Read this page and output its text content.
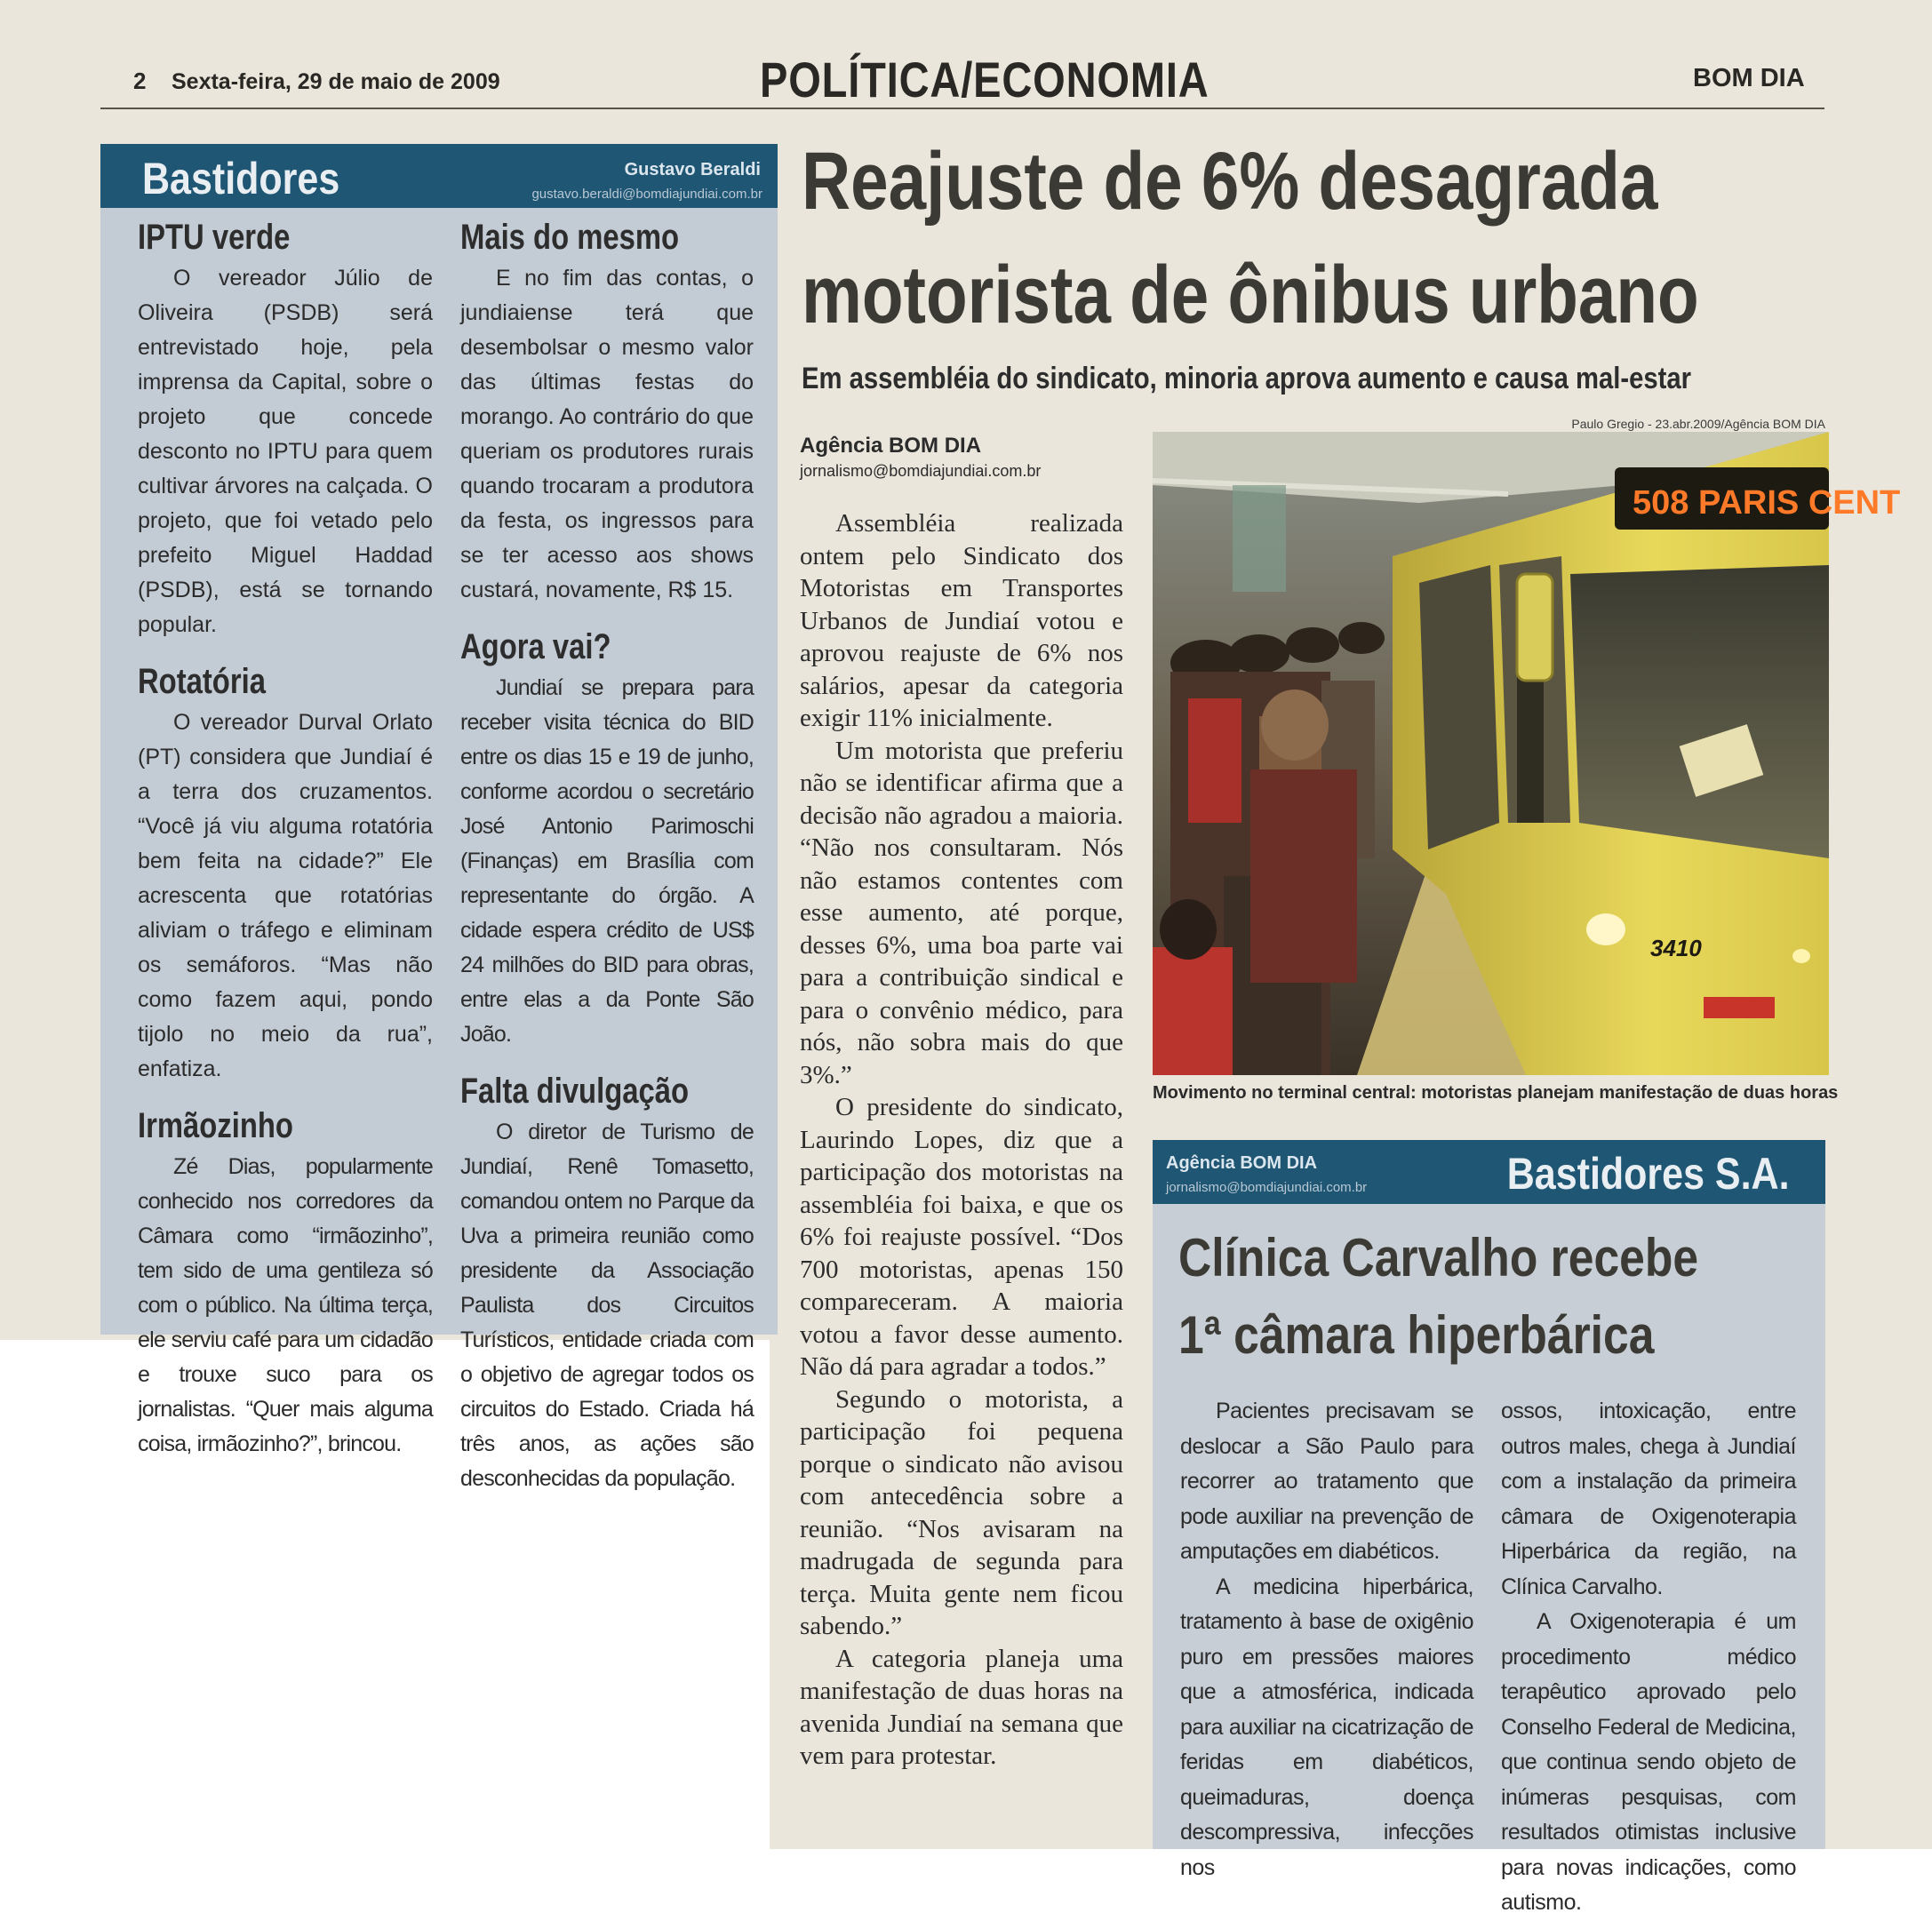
2 Sexta-feira, 29 de maio de 2009	POLÍTICA/ECONOMIA	BOM DIA
Bastidores	Gustavo Beraldi
gustavo.beraldi@bomdiajundiai.com.br
IPTU verde
O vereador Júlio de Oliveira (PSDB) será entrevistado hoje, pela imprensa da Capital, sobre o projeto que concede desconto no IPTU para quem cultivar árvores na calçada. O projeto, que foi vetado pelo prefeito Miguel Haddad (PSDB), está se tornando popular.
Rotatória
O vereador Durval Orlato (PT) considera que Jundiaí é a terra dos cruzamentos. “Você já viu alguma rotatória bem feita na cidade?” Ele acrescenta que rotatórias aliviam o tráfego e eliminam os semáforos. “Mas não como fazem aqui, pondo tijolo no meio da rua”, enfatiza.
Irmãozinho
Zé Dias, popularmente conhecido nos corredores da Câmara como “irmãozinho”, tem sido de uma gentileza só com o público. Na última terça, ele serviu café para um cidadão e trouxe suco para os jornalistas. “Quer mais alguma coisa, irmãozinho?”, brincou.
Mais do mesmo
E no fim das contas, o jundiaiense terá que desembolsar o mesmo valor das últimas festas do morango. Ao contrário do que queriam os produtores rurais quando trocaram a produtora da festa, os ingressos para se ter acesso aos shows custará, novamente, R$ 15.
Agora vai?
Jundiaí se prepara para receber visita técnica do BID entre os dias 15 e 19 de junho, conforme acordou o secretário José Antonio Parimoschi (Finanças) em Brasília com representante do órgão. A cidade espera crédito de US$ 24 milhões do BID para obras, entre elas a da Ponte São João.
Falta divulgação
O diretor de Turismo de Jundiaí, Renê Tomasetto, comandou ontem no Parque da Uva a primeira reunião como presidente da Associação Paulista dos Circuitos Turísticos, entidade criada com o objetivo de agregar todos os circuitos do Estado. Criada há três anos, as ações são desconhecidas da população.
Reajuste de 6% desagrada
motorista de ônibus urbano
Em assembléia do sindicato, minoria aprova aumento e causa mal-estar
Agência BOM DIA
jornalismo@bomdiajundiai.com.br

Assembléia realizada ontem pelo Sindicato dos Motoristas em Transportes Urbanos de Jundiaí votou e aprovou reajuste de 6% nos salários, apesar da categoria exigir 11% inicialmente.

Um motorista que preferiu não se identificar afirma que a decisão não agradou a maioria. “Não nos consultaram. Nós não estamos contentes com esse aumento, até porque, desses 6%, uma boa parte vai para a contribuição sindical e para o convênio médico, para nós, não sobra mais do que 3%.”

O presidente do sindicato, Laurindo Lopes, diz que a participação dos motoristas na assembléia foi baixa, e que os 6% foi reajuste possível. “Dos 700 motoristas, apenas 150 compareceram. A maioria votou a favor desse aumento. Não dá para agradar a todos.”

Segundo o motorista, a participação foi pequena porque o sindicato não avisou com antecedência sobre a reunião. “Nos avisaram na madrugada de segunda para terça. Muita gente nem ficou sabendo.”

A categoria planeja uma manifestação de duas horas na avenida Jundiaí na semana que vem para protestar.

Paulo Gregio - 23.abr.2009/Agência BOM DIA
508 PARIS CENT
3410
Movimento no terminal central: motoristas planejam manifestação de duas horas
Agência BOM DIA
jornalismo@bomdiajundiai.com.br	Bastidores S.A.
Clínica Carvalho recebe
1ª câmara hiperbárica

Pacientes precisavam se deslocar a São Paulo para recorrer ao tratamento que pode auxiliar na prevenção de amputações em diabéticos.

A medicina hiperbárica, tratamento à base de oxigênio puro em pressões maiores que a atmosférica, indicada para auxiliar na cicatrização de feridas em diabéticos, queimaduras, doença descompressiva, infecções nos

ossos, intoxicação, entre outros males, chega à Jundiaí com a instalação da primeira câmara de Oxigenoterapia Hiperbárica da região, na Clínica Carvalho.

A Oxigenoterapia é um procedimento médico terapêutico aprovado pelo Conselho Federal de Medicina, que continua sendo objeto de inúmeras pesquisas, com resultados otimistas inclusive para novas indicações, como autismo.
